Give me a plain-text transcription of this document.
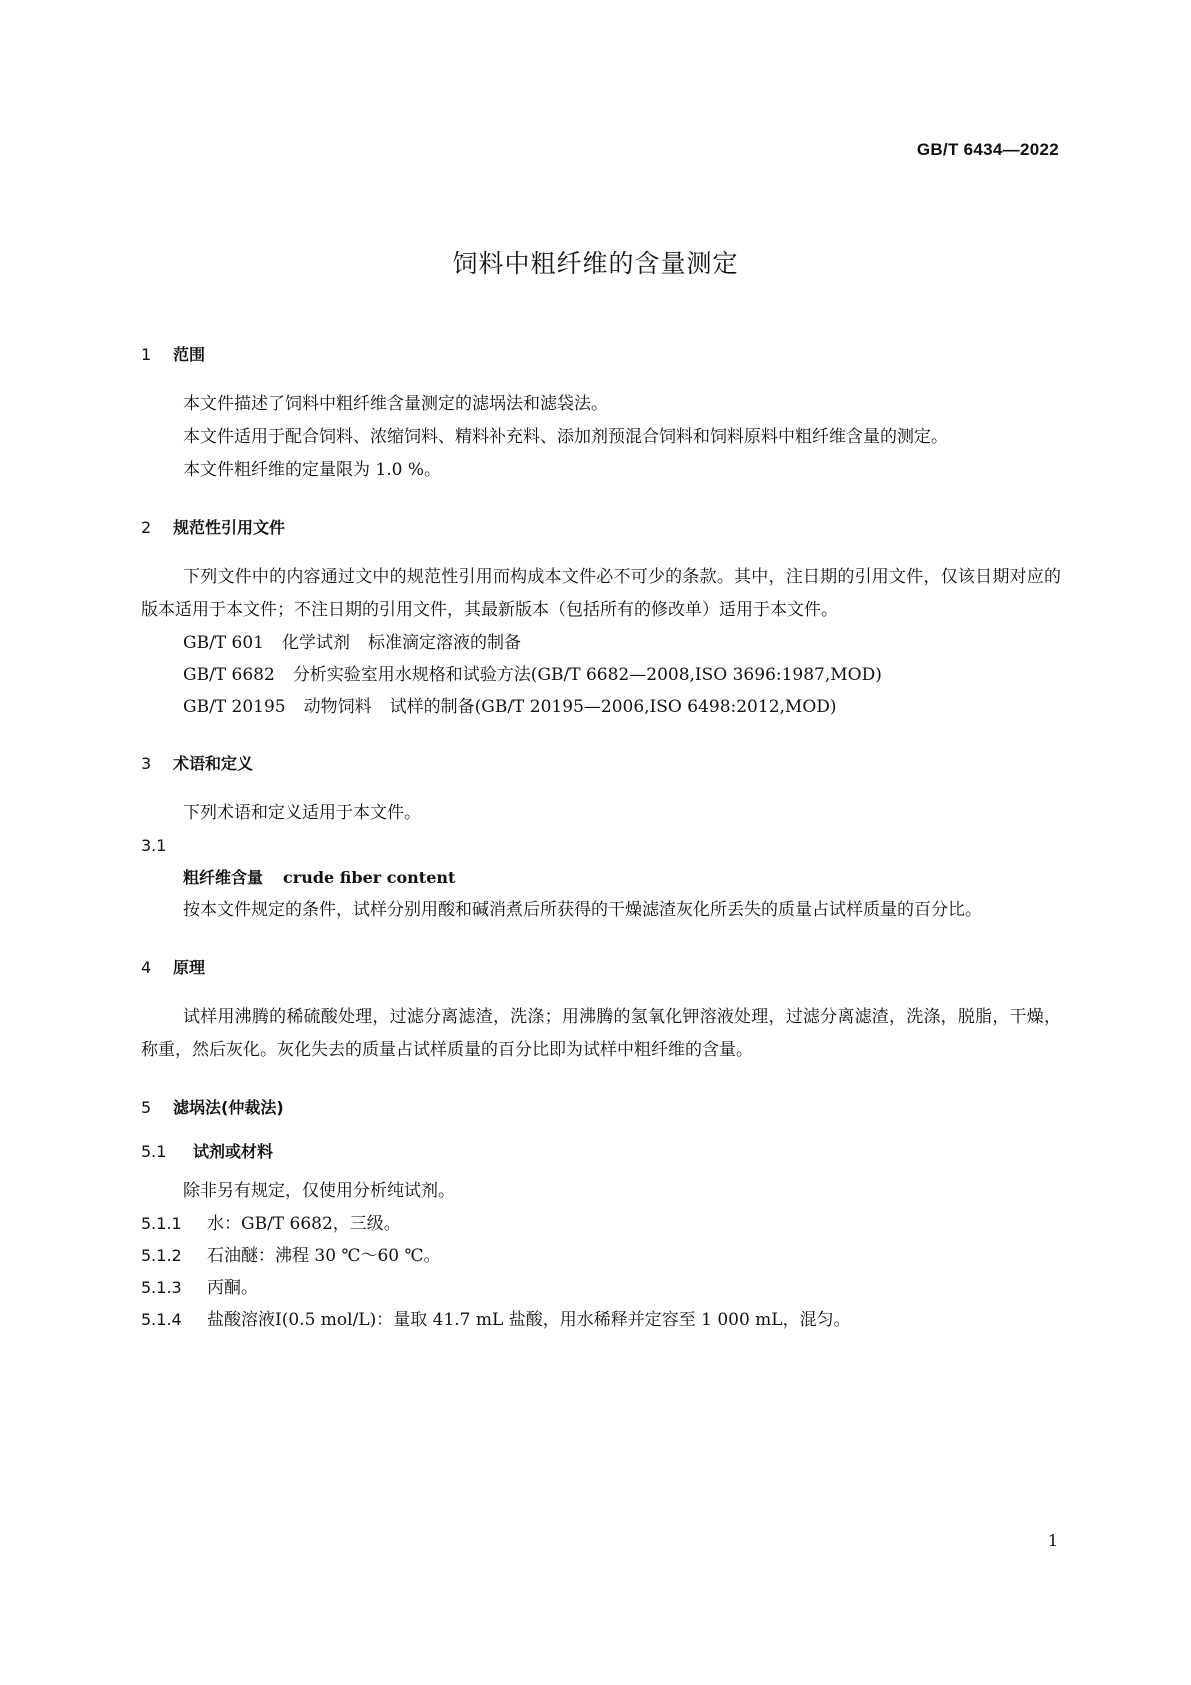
GB/T 6434—2022
饲料中粗纤维的含量测定
1 范围

本文件描述了饲料中粗纤维含量测定的滤埚法和滤袋法。

本文件适用于配合饲料、浓缩饲料、精料补充料、添加剂预混合饲料和饲料原料中粗纤维含量的测定。

本文件粗纤维的定量限为 1.0 %。

2 规范性引用文件

下列文件中的内容通过文中的规范性引用而构成本文件必不可少的条款。其中，注日期的引用文件，仅该日期对应的版本适用于本文件；不注日期的引用文件，其最新版本（包括所有的修改单）适用于本文件。

GB/T 601 化学试剂 标准滴定溶液的制备
GB/T 6682 分析实验室用水规格和试验方法(GB/T 6682—2008,ISO 3696:1987,MOD)
GB/T 20195 动物饲料 试样的制备(GB/T 20195—2006,ISO 6498:2012,MOD)
3 术语和定义

下列术语和定义适用于本文件。

3.1
粗纤维含量 crude fiber content

按本文件规定的条件，试样分别用酸和碱消煮后所获得的干燥滤渣灰化所丢失的质量占试样质量的百分比。

4 原理

试样用沸腾的稀硫酸处理，过滤分离滤渣，洗涤；用沸腾的氢氧化钾溶液处理，过滤分离滤渣，洗涤，脱脂，干燥，称重，然后灰化。灰化失去的质量占试样质量的百分比即为试样中粗纤维的含量。

5 滤埚法(仲裁法)
5.1 试剂或材料

除非另有规定，仅使用分析纯试剂。

5.1.1 水：GB/T 6682，三级。
5.1.2 石油醚：沸程 30 ℃～60 ℃。
5.1.3 丙酮。
5.1.4 盐酸溶液Ⅰ(0.5 mol/L)：量取 41.7 mL 盐酸，用水稀释并定容至 1 000 mL，混匀。
1
